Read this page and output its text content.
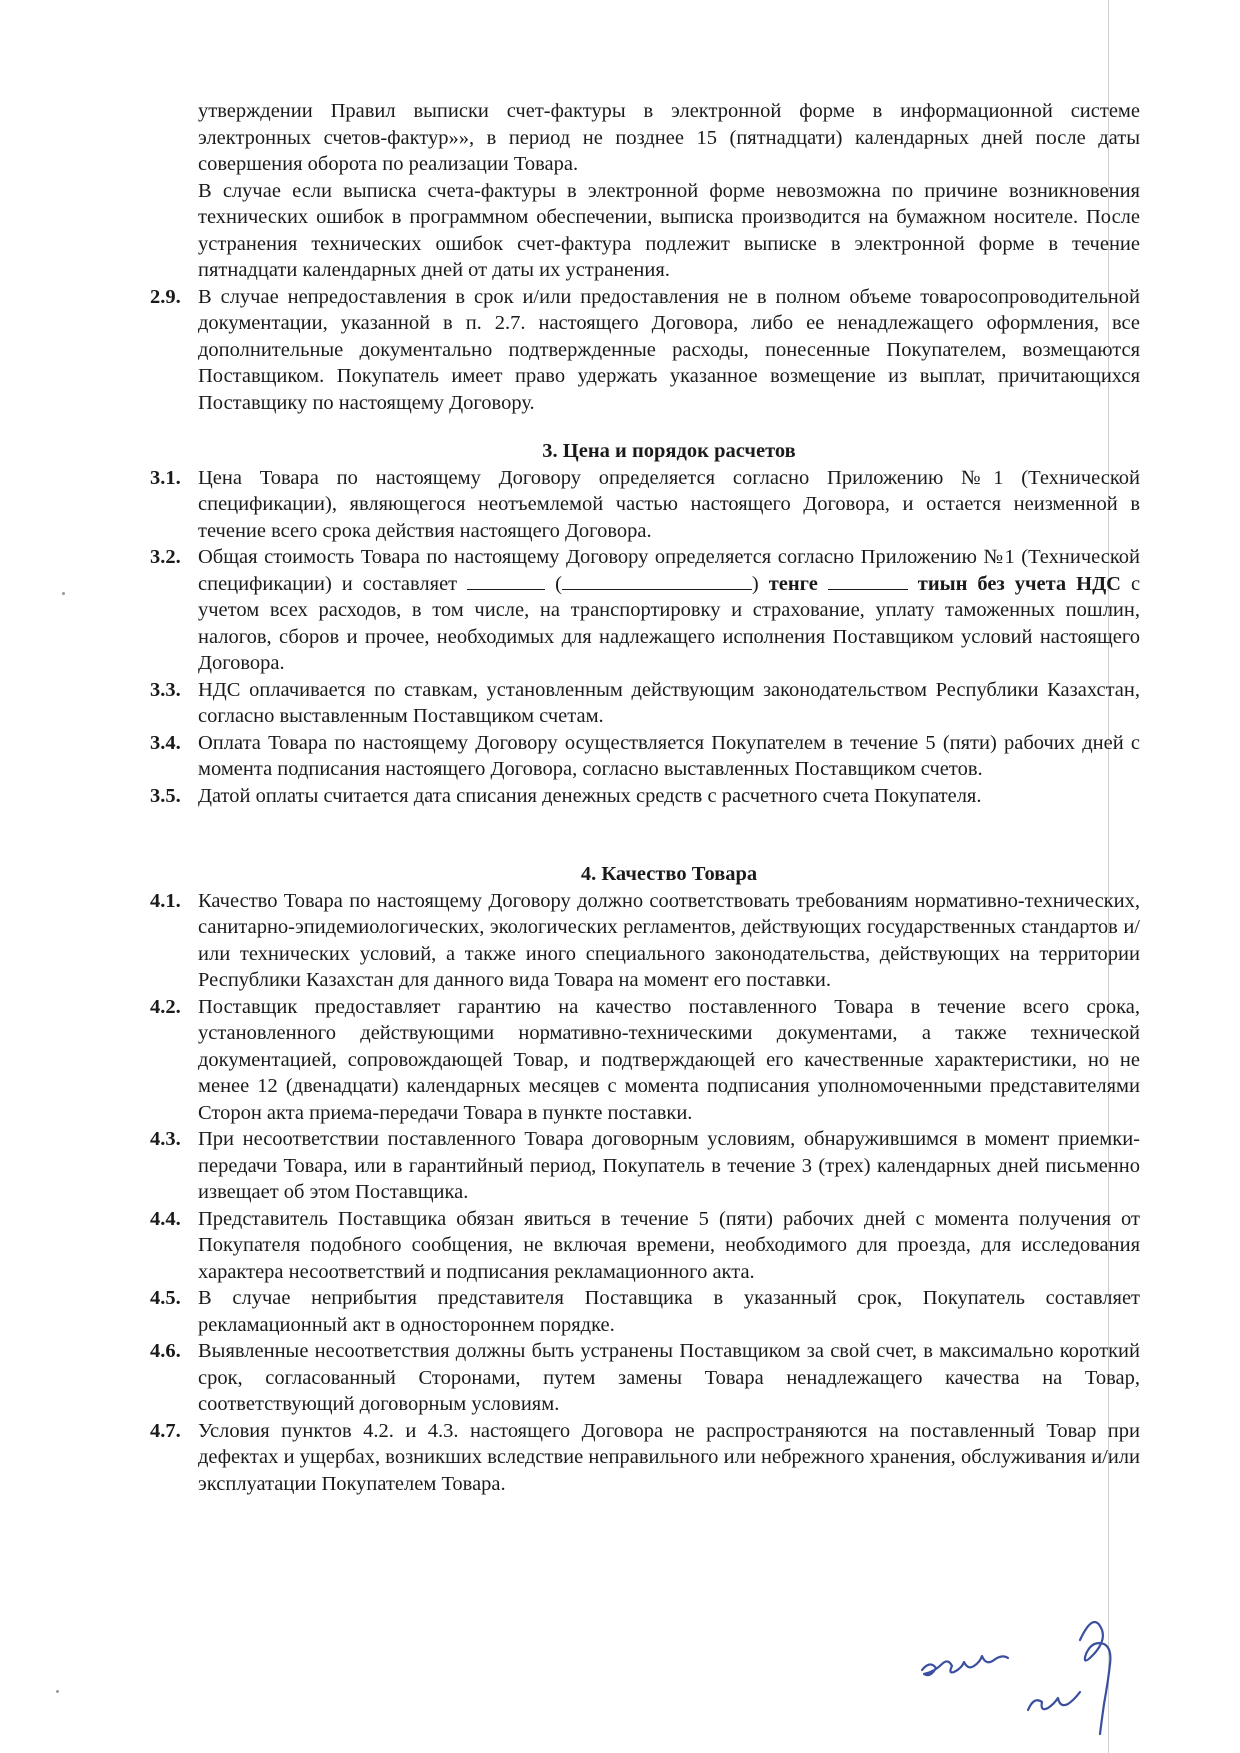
утверждении Правил выписки счет-фактуры в электронной форме в информационной системе электронных счетов-фактур»», в период не позднее 15 (пятнадцати) календарных дней после даты совершения оборота по реализации Товара.

В случае если выписка счета-фактуры в электронной форме невозможна по причине возникновения технических ошибок в программном обеспечении, выписка производится на бумажном носителе. После устранения технических ошибок счет-фактура подлежит выписке в электронной форме в течение пятнадцати календарных дней от даты их устранения.

2.9. В случае непредоставления в срок и/или предоставления не в полном объеме товаросопроводительной документации, указанной в п. 2.7. настоящего Договора, либо ее ненадлежащего оформления, все дополнительные документально подтвержденные расходы, понесенные Покупателем, возмещаются Поставщиком. Покупатель имеет право удержать указанное возмещение из выплат, причитающихся Поставщику по настоящему Договору.

3. Цена и порядок расчетов

3.1. Цена Товара по настоящему Договору определяется согласно Приложению №1 (Технической спецификации), являющегося неотъемлемой частью настоящего Договора, и остается неизменной в течение всего срока действия настоящего Договора.

3.2. Общая стоимость Товара по настоящему Договору определяется согласно Приложению №1 (Технической спецификации) и составляет	(	) тенге	тиын без учета НДС с учетом всех расходов, в том числе, на транспортировку и страхование, уплату таможенных пошлин, налогов, сборов и прочее, необходимых для надлежащего исполнения Поставщиком условий настоящего Договора.

3.3. НДС оплачивается по ставкам, установленным действующим законодательством Республики Казахстан, согласно выставленным Поставщиком счетам.

3.4. Оплата Товара по настоящему Договору осуществляется Покупателем в течение 5 (пяти) рабочих дней с момента подписания настоящего Договора, согласно выставленных Поставщиком счетов.

3.5. Датой оплаты считается дата списания денежных средств с расчетного счета Покупателя.

4. Качество Товара

4.1. Качество Товара по настоящему Договору должно соответствовать требованиям нормативно-технических, санитарно-эпидемиологических, экологических регламентов, действующих государственных стандартов и/или технических условий, а также иного специального законодательства, действующих на территории Республики Казахстан для данного вида Товара на момент его поставки.

4.2. Поставщик предоставляет гарантию на качество поставленного Товара в течение всего срока, установленного действующими нормативно-техническими документами, а также технической документацией, сопровождающей Товар, и подтверждающей его качественные характеристики, но не менее 12 (двенадцати) календарных месяцев с момента подписания уполномоченными представителями Сторон акта приема-передачи Товара в пункте поставки.

4.3. При несоответствии поставленного Товара договорным условиям, обнаружившимся в момент приемки-передачи Товара, или в гарантийный период, Покупатель в течение 3 (трех) календарных дней письменно извещает об этом Поставщика.

4.4. Представитель Поставщика обязан явиться в течение 5 (пяти) рабочих дней с момента получения от Покупателя подобного сообщения, не включая времени, необходимого для проезда, для исследования характера несоответствий и подписания рекламационного акта.

4.5. В случае неприбытия представителя Поставщика в указанный срок, Покупатель составляет рекламационный акт в одностороннем порядке.

4.6. Выявленные несоответствия должны быть устранены Поставщиком за свой счет, в максимально короткий срок, согласованный Сторонами, путем замены Товара ненадлежащего качества на Товар, соответствующий договорным условиям.

4.7. Условия пунктов 4.2. и 4.3. настоящего Договора не распространяются на поставленный Товар при дефектах и ущербах, возникших вследствие неправильного или небрежного хранения, обслуживания и/или эксплуатации Покупателем Товара.
